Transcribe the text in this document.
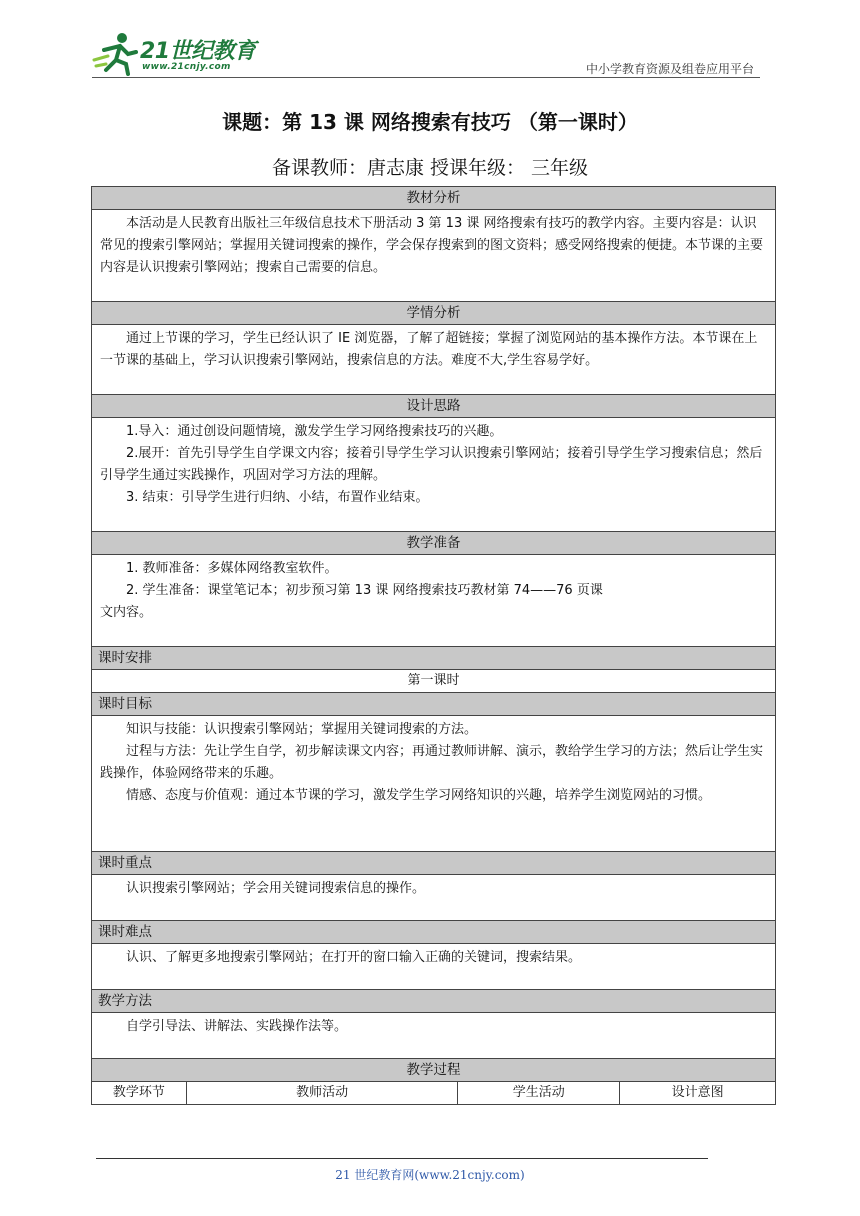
21世纪教育
www.21cnjy.com	中小学教育资源及组卷应用平台
课题：第 13 课 网络搜索有技巧 （第一课时）
备课教师：唐志康 授课年级： 三年级
教材分析

本活动是人民教育出版社三年级信息技术下册活动 3 第 13 课 网络搜索有技巧的教学内容。主要内容是：认识常见的搜索引擎网站；掌握用关键词搜索的操作，学会保存搜索到的图文资料；感受网络搜索的便捷。本节课的主要内容是认识搜索引擎网站；搜索自己需要的信息。

学情分析

通过上节课的学习，学生已经认识了 IE 浏览器，了解了超链接；掌握了浏览网站的基本操作方法。本节课在上一节课的基础上，学习认识搜索引擎网站，搜索信息的方法。难度不大,学生容易学好。

设计思路

1.导入：通过创设问题情境，激发学生学习网络搜索技巧的兴趣。

2.展开：首先引导学生自学课文内容；接着引导学生学习认识搜索引擎网站；接着引导学生学习搜索信息；然后引导学生通过实践操作，巩固对学习方法的理解。

3. 结束：引导学生进行归纳、小结，布置作业结束。

教学准备

1. 教师准备：多媒体网络教室软件。

2. 学生准备：课堂笔记本；初步预习第 13 课 网络搜索技巧教材第 74——76 页课

文内容。

课时安排
第一课时
课时目标

知识与技能：认识搜索引擎网站；掌握用关键词搜索的方法。

过程与方法：先让学生自学，初步解读课文内容；再通过教师讲解、演示，教给学生学习的方法；然后让学生实践操作，体验网络带来的乐趣。

情感、态度与价值观：通过本节课的学习，激发学生学习网络知识的兴趣，培养学生浏览网站的习惯。

课时重点

认识搜索引擎网站；学会用关键词搜索信息的操作。

课时难点

认识、了解更多地搜索引擎网站；在打开的窗口输入正确的关键词，搜索结果。

教学方法

自学引导法、讲解法、实践操作法等。

教学过程
教学环节	教师活动	学生活动	设计意图
21 世纪教育网(www.21cnjy.com)
